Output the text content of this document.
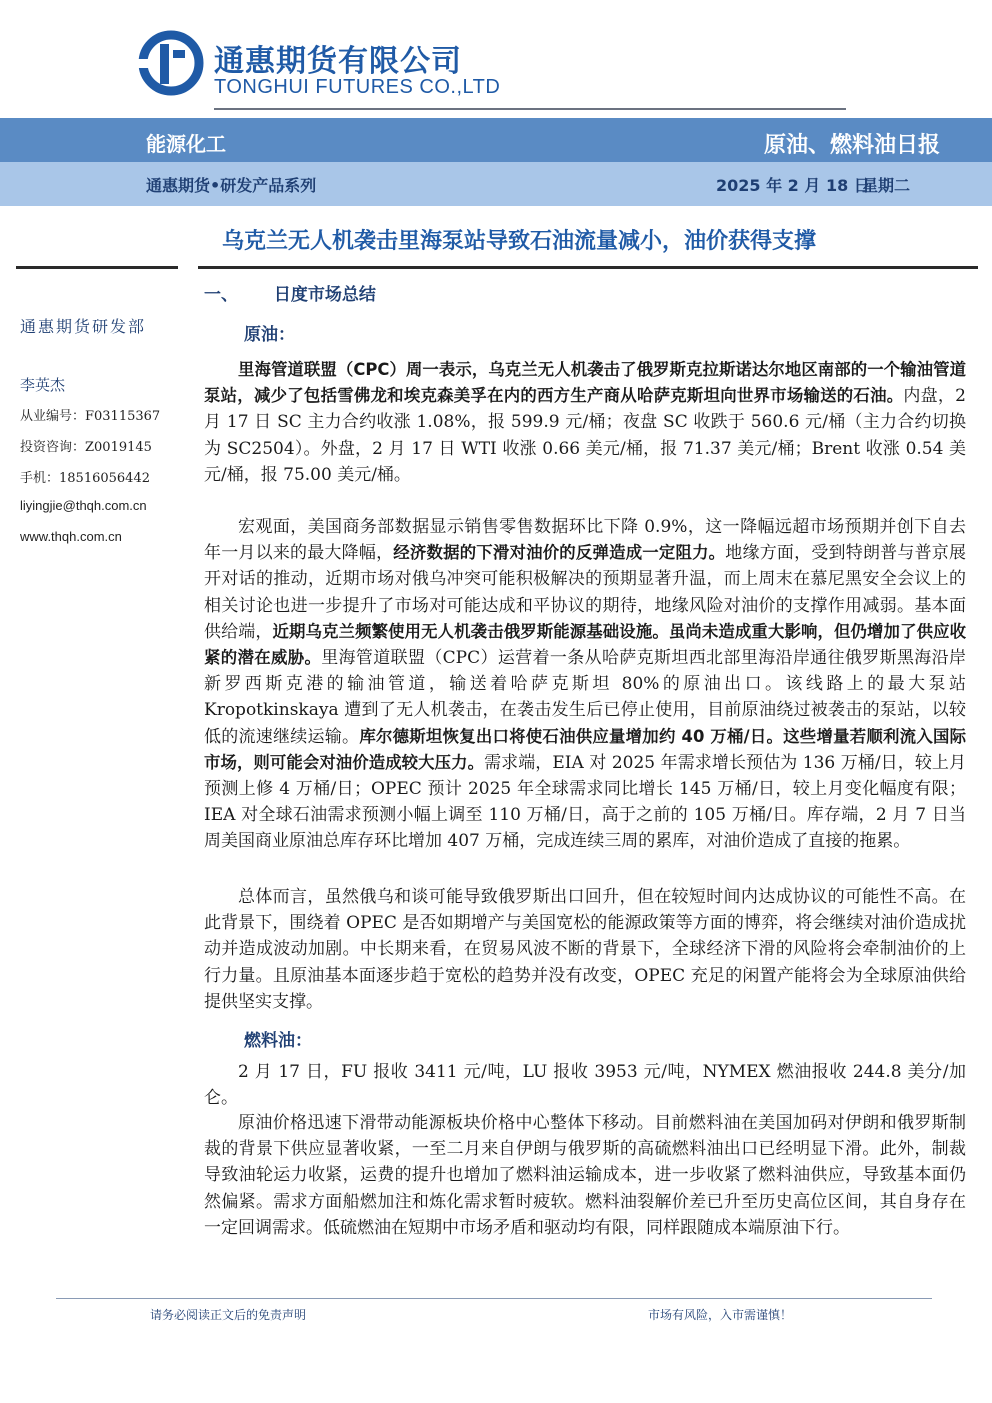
通惠期货有限公司
TONGHUI FUTURES CO.,LTD
能源化工	原油、燃料油日报
通惠期货•研发产品系列	2025 年 2 月 18 日
星期二
乌克兰无人机袭击里海泵站导致石油流量减小，油价获得支撑
通惠期货研发部
李英杰
从业编号：F03115367
投资咨询：Z0019145
手机：18516056442
liyingjie@thqh.com.cn
www.thqh.com.cn
一、 日度市场总结
原油：

里海管道联盟（CPC）周一表示，乌克兰无人机袭击了俄罗斯克拉斯诺达尔地区南部的一个输油管道泵站，减少了包括雪佛龙和埃克森美孚在内的西方生产商从哈萨克斯坦向世界市场输送的石油。内盘，2 月 17 日 SC 主力合约收涨 1.08%，报 599.9 元/桶；夜盘 SC 收跌于 560.6 元/桶（主力合约切换为 SC2504）。外盘，2 月 17 日 WTI 收涨 0.66 美元/桶，报 71.37 美元/桶；Brent 收涨 0.54 美元/桶，报 75.00 美元/桶。

宏观面，美国商务部数据显示销售零售数据环比下降 0.9%，这一降幅远超市场预期并创下自去年一月以来的最大降幅，经济数据的下滑对油价的反弹造成一定阻力。地缘方面，受到特朗普与普京展开对话的推动，近期市场对俄乌冲突可能积极解决的预期显著升温，而上周末在慕尼黑安全会议上的相关讨论也进一步提升了市场对可能达成和平协议的期待，地缘风险对油价的支撑作用减弱。基本面供给端，近期乌克兰频繁使用无人机袭击俄罗斯能源基础设施。虽尚未造成重大影响，但仍增加了供应收紧的潜在威胁。里海管道联盟（CPC）运营着一条从哈萨克斯坦西北部里海沿岸通往俄罗斯黑海沿岸新罗西斯克港的输油管道，输送着哈萨克斯坦 80%的原油出口。该线路上的最大泵站 Kropotkinskaya 遭到了无人机袭击，在袭击发生后已停止使用，目前原油绕过被袭击的泵站，以较低的流速继续运输。库尔德斯坦恢复出口将使石油供应量增加约 40 万桶/日。这些增量若顺利流入国际市场，则可能会对油价造成较大压力。需求端，EIA 对 2025 年需求增长预估为 136 万桶/日，较上月预测上修 4 万桶/日；OPEC 预计 2025 年全球需求同比增长 145 万桶/日，较上月变化幅度有限；IEA 对全球石油需求预测小幅上调至 110 万桶/日，高于之前的 105 万桶/日。库存端，2 月 7 日当周美国商业原油总库存环比增加 407 万桶，完成连续三周的累库，对油价造成了直接的拖累。

总体而言，虽然俄乌和谈可能导致俄罗斯出口回升，但在较短时间内达成协议的可能性不高。在此背景下，围绕着 OPEC 是否如期增产与美国宽松的能源政策等方面的博弈，将会继续对油价造成扰动并造成波动加剧。中长期来看，在贸易风波不断的背景下，全球经济下滑的风险将会牵制油价的上行力量。且原油基本面逐步趋于宽松的趋势并没有改变，OPEC 充足的闲置产能将会为全球原油供给提供坚实支撑。

燃料油：

2 月 17 日，FU 报收 3411 元/吨，LU 报收 3953 元/吨，NYMEX 燃油报收 244.8 美分/加仑。

原油价格迅速下滑带动能源板块价格中心整体下移动。目前燃料油在美国加码对伊朗和俄罗斯制裁的背景下供应显著收紧，一至二月来自伊朗与俄罗斯的高硫燃料油出口已经明显下滑。此外，制裁导致油轮运力收紧，运费的提升也增加了燃料油运输成本，进一步收紧了燃料油供应，导致基本面仍然偏紧。需求方面船燃加注和炼化需求暂时疲软。燃料油裂解价差已升至历史高位区间，其自身存在一定回调需求。低硫燃油在短期中市场矛盾和驱动均有限，同样跟随成本端原油下行。

请务必阅读正文后的免责声明	市场有风险，入市需谨慎！
